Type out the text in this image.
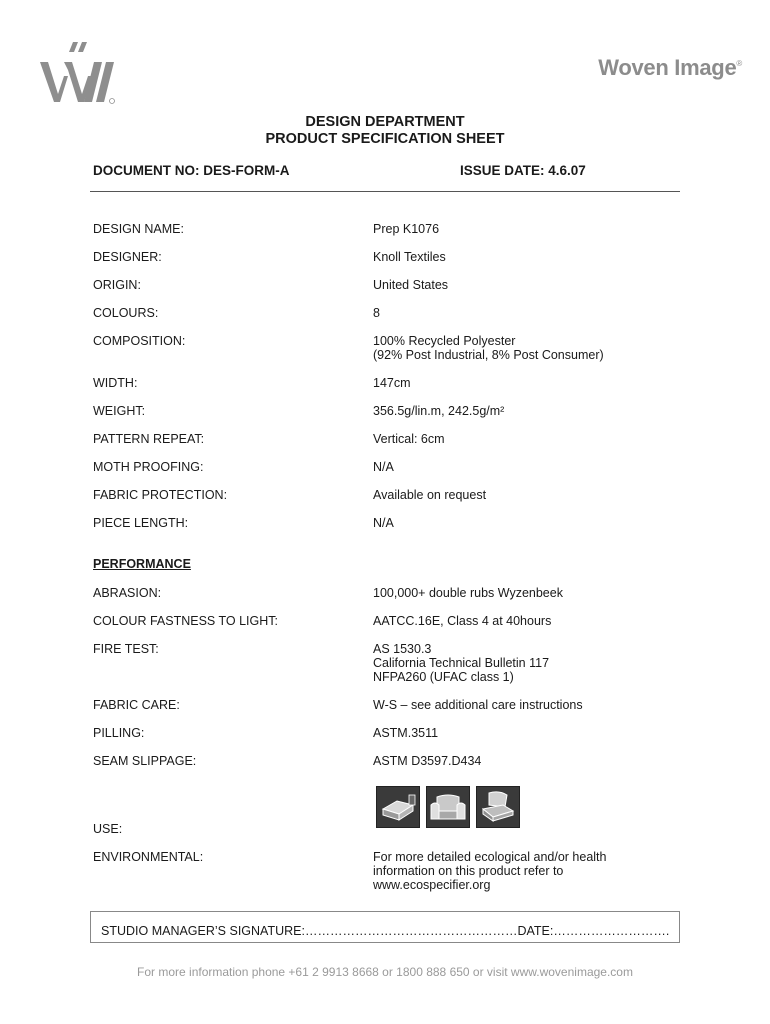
Woven Image®
DESIGN DEPARTMENT
PRODUCT SPECIFICATION SHEET
DOCUMENT NO: DES-FORM-A	ISSUE DATE: 4.6.07
DESIGN NAME:	Prep K1076
DESIGNER:	Knoll Textiles
ORIGIN:	United States
COLOURS:	8
COMPOSITION:	100% Recycled Polyester
(92% Post Industrial, 8% Post Consumer)
WIDTH:	147cm
WEIGHT:	356.5g/lin.m, 242.5g/m²
PATTERN REPEAT:	Vertical: 6cm
MOTH PROOFING:	N/A
FABRIC PROTECTION:	Available on request
PIECE LENGTH:	N/A
PERFORMANCE
ABRASION:	100,000+ double rubs Wyzenbeek
COLOUR FASTNESS TO LIGHT:	AATCC.16E, Class 4 at 40hours
FIRE TEST:	AS 1530.3
California Technical Bulletin 117
NFPA260 (UFAC class 1)
FABRIC CARE:	W-S – see additional care instructions
PILLING:	ASTM.3511
SEAM SLIPPAGE:	ASTM D3597.D434
USE:
ENVIRONMENTAL:	For more detailed ecological and/or health
information on this product refer to
www.ecospecifier.org
STUDIO MANAGER’S SIGNATURE:……………………………………………DATE:……………………….
For more information phone +61 2 9913 8668 or 1800 888 650 or visit www.wovenimage.com
